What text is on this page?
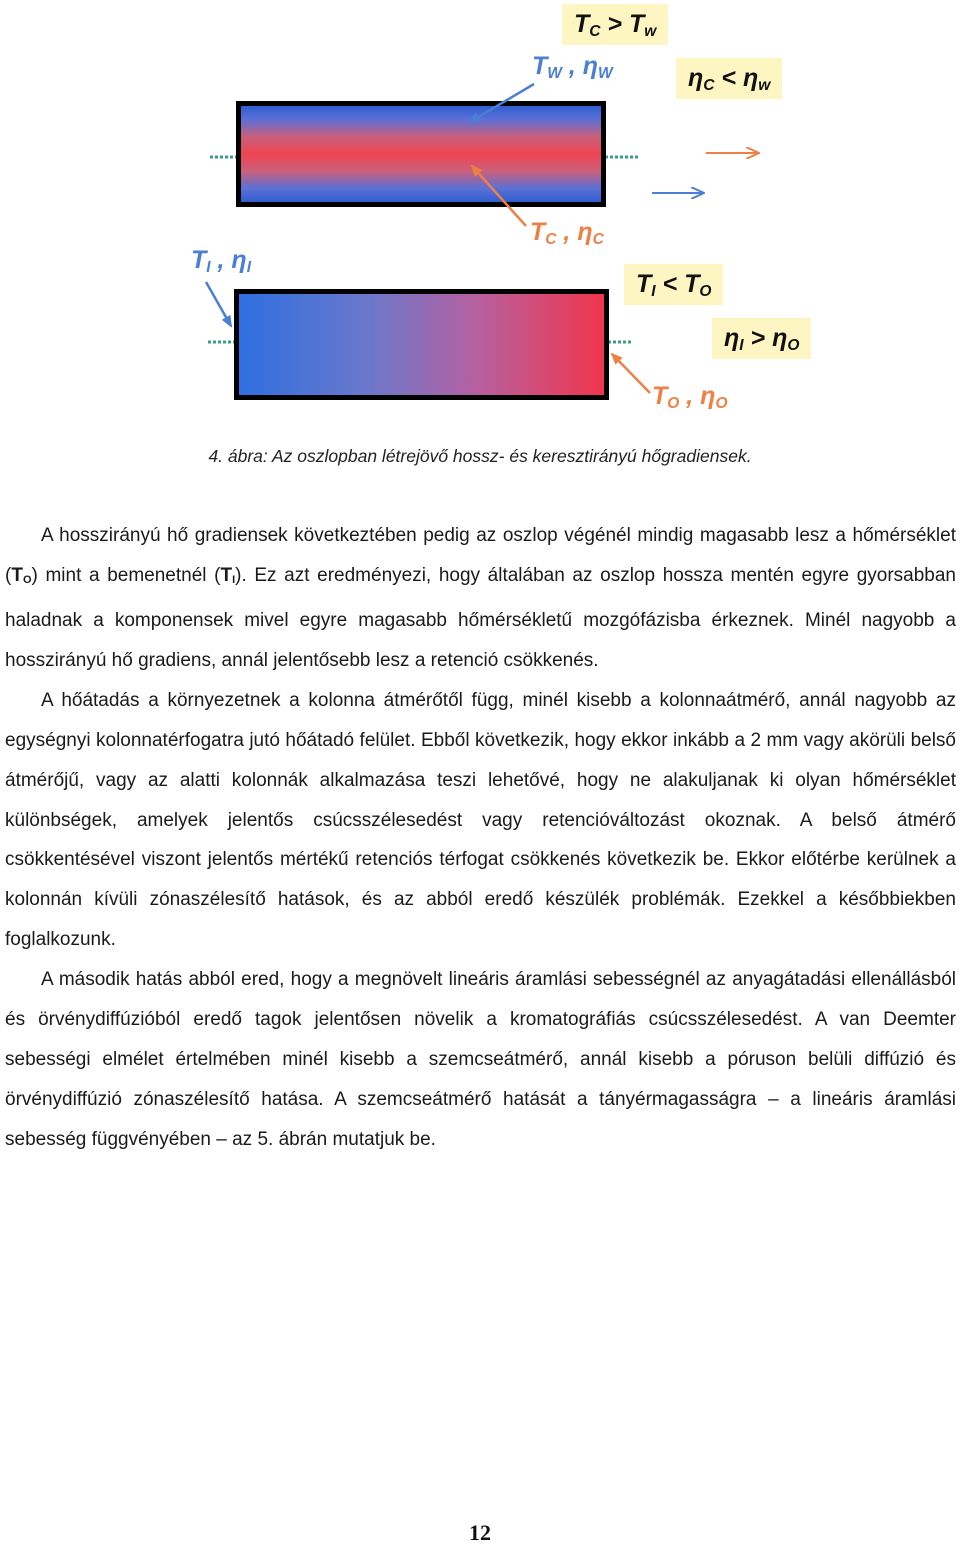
$T_C > T_w$
$T_W$ , $\eta_W$	$\eta_C < \eta_w$
$T_C$ , $\eta_C$
$T_I$ , $\eta_I$
$T_I < T_O$
$\eta_I > \eta_O$
$T_O$ , $\eta_O$
4. ábra: Az oszlopban létrejövő hossz- és keresztirányú hőgradiensek.

A hosszirányú hő gradiensek következtében pedig az oszlop végénél mindig magasabb lesz a hőmérséklet $(T_O)$ mint a bemenetnél $(T_I)$. Ez azt eredményezi, hogy általában az oszlop hossza mentén egyre gyorsabban haladnak a komponensek mivel egyre magasabb hőmérsékletű mozgófázisba érkeznek. Minél nagyobb a hosszirányú hő gradiens, annál jelentősebb lesz a retenció csökkenés.

A hőátadás a környezetnek a kolonna átmérőtől függ, minél kisebb a kolonnaátmérő, annál nagyobb az egységnyi kolonnatérfogatra jutó hőátadó felület. Ebből következik, hogy ekkor inkább a 2 mm vagy akörüli belső átmérőjű, vagy az alatti kolonnák alkalmazása teszi lehetővé, hogy ne alakuljanak ki olyan hőmérséklet különbségek, amelyek jelentős csúcsszélesedést vagy retencióváltozást okoznak. A belső átmérő csökkentésével viszont jelentős mértékű retenciós térfogat csökkenés következik be. Ekkor előtérbe kerülnek a kolonnán kívüli zónaszélesítő hatások, és az abból eredő készülék problémák. Ezekkel a későbbiekben foglalkozunk.

A második hatás abból ered, hogy a megnövelt lineáris áramlási sebességnél az anyagátadási ellenállásból és örvénydiffúzióból eredő tagok jelentősen növelik a kromatográfiás csúcsszélesedést. A van Deemter sebességi elmélet értelmében minél kisebb a szemcseátmérő, annál kisebb a póruson belüli diffúzió és örvénydiffúzió zónaszélesítő hatása. A szemcseátmérő hatását a tányérmagasságra – a lineáris áramlási sebesség függvényében – az 5. ábrán mutatjuk be.

12
